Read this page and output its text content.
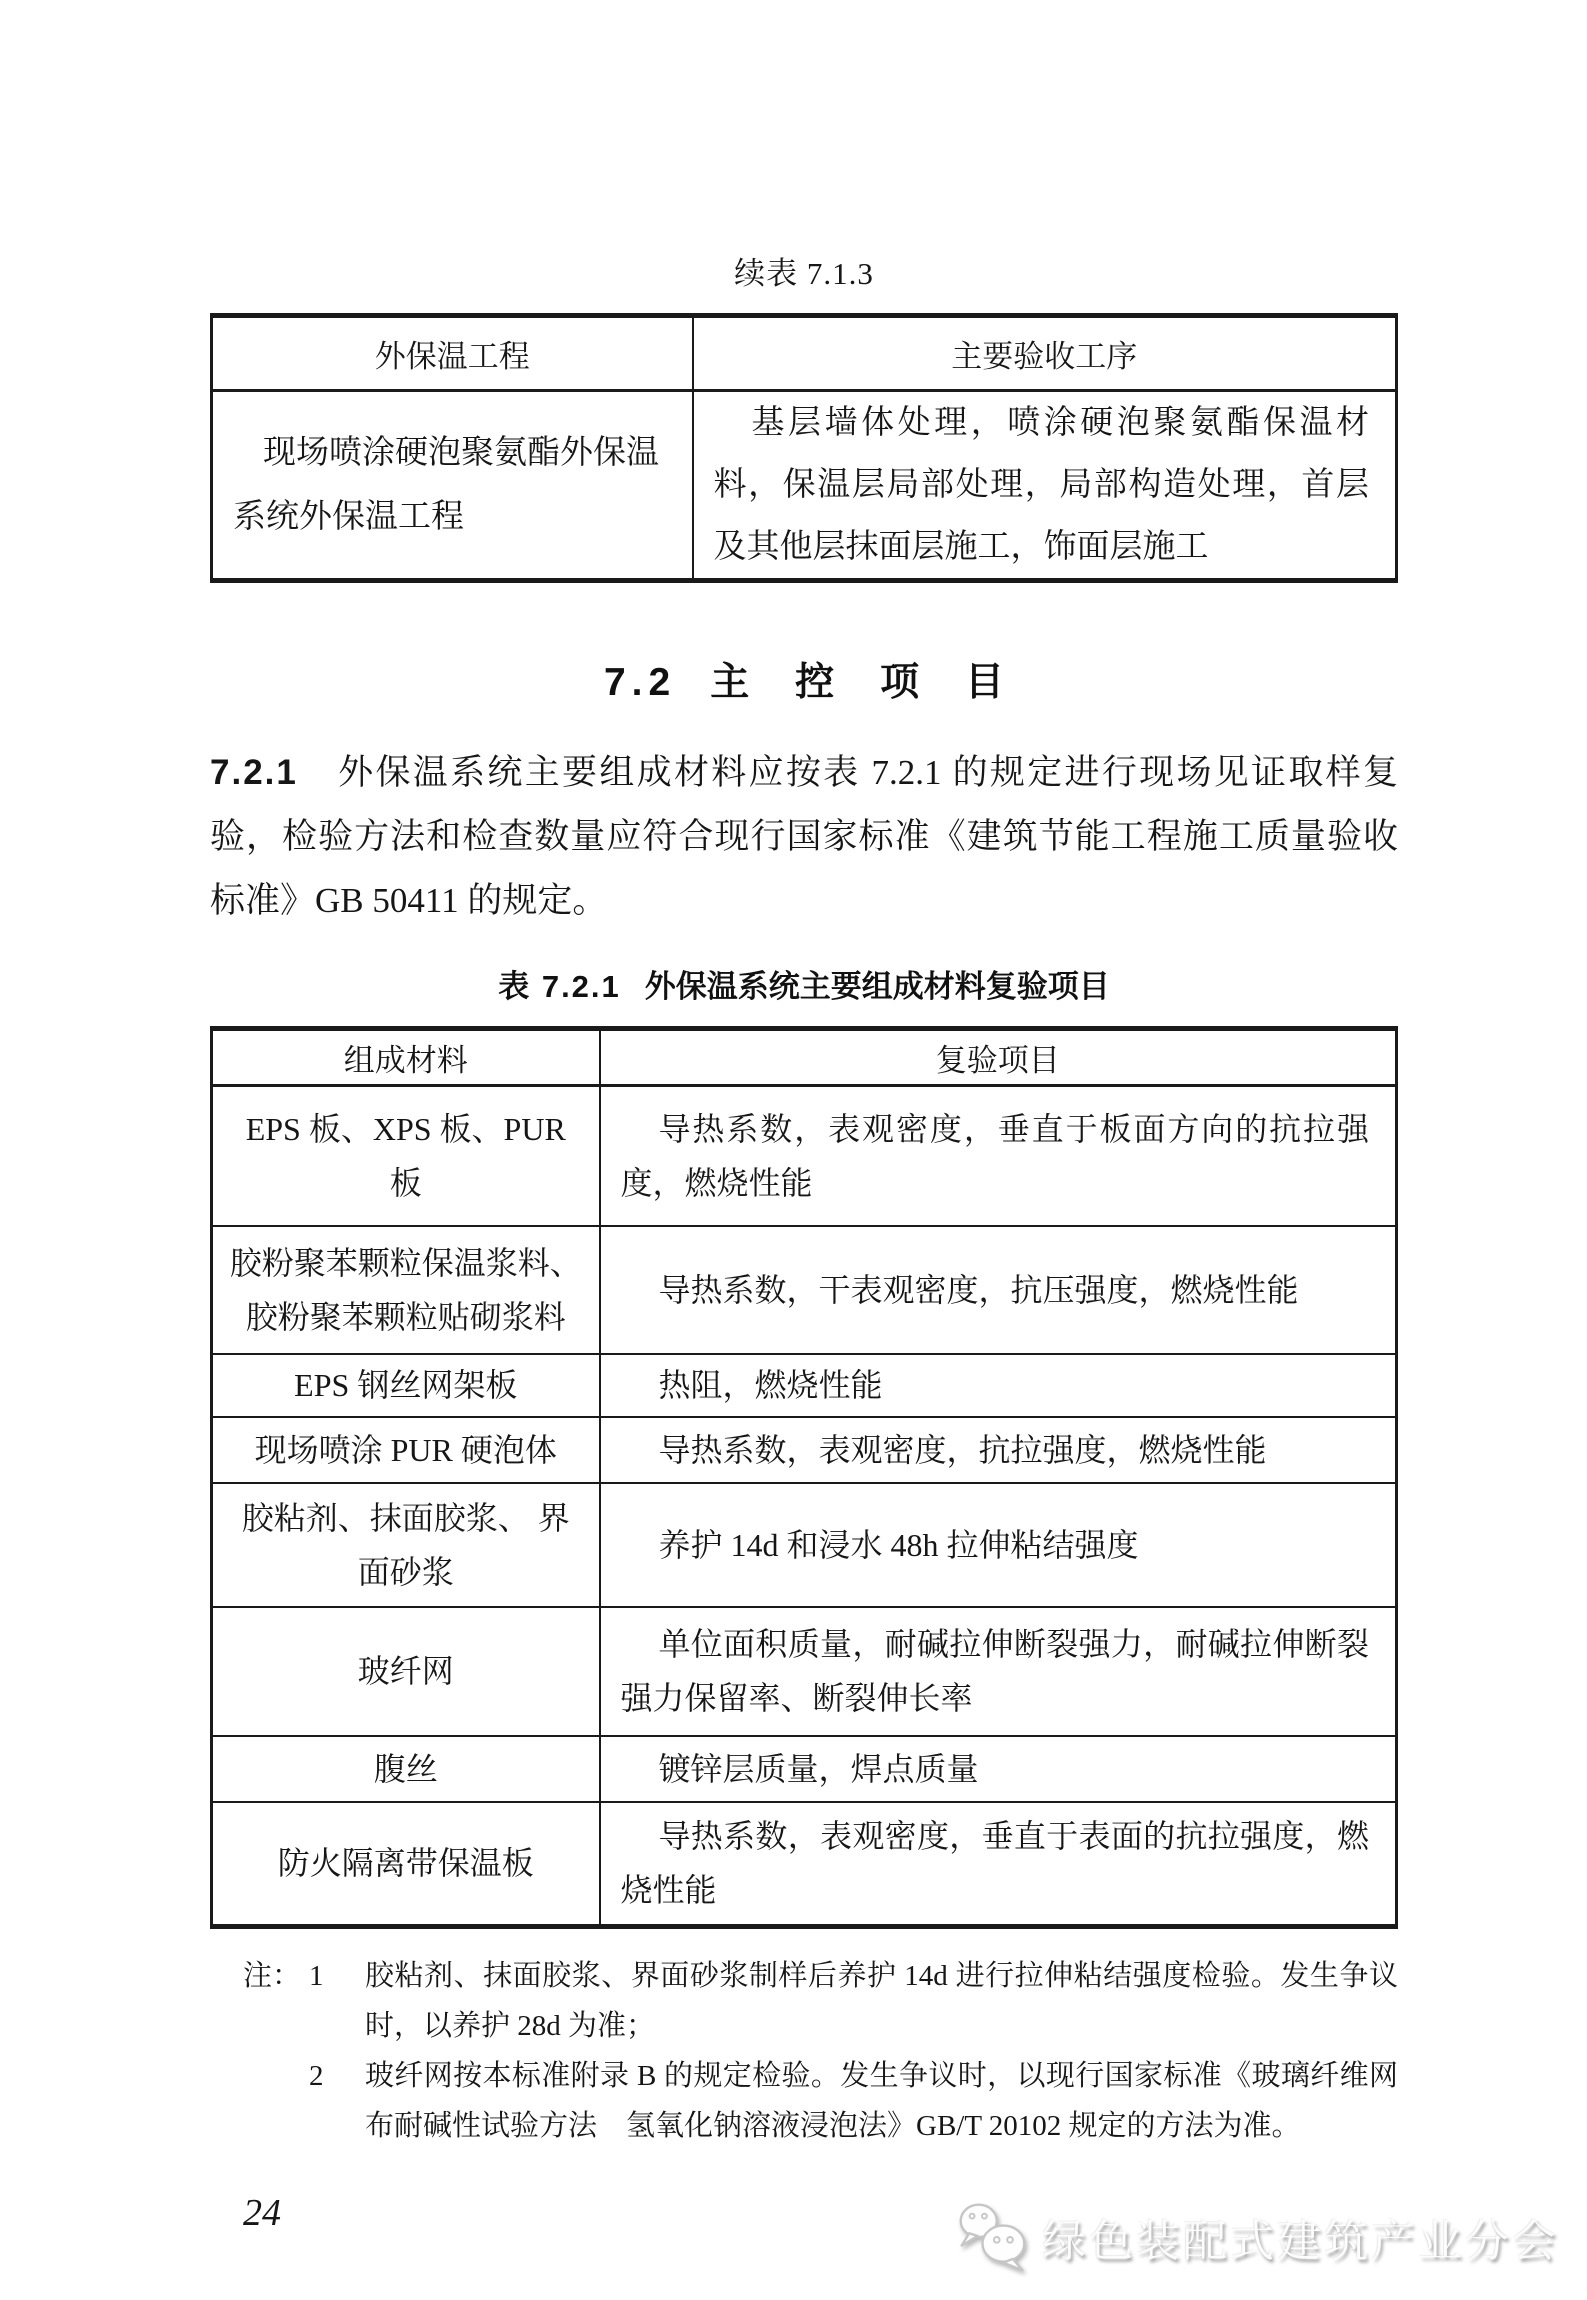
续表 7.1.3
外保温工程	主要验收工序

现场喷涂硬泡聚氨酯外保温系统外保温工程	基层墙体处理，喷涂硬泡聚氨酯保温材料，保温层局部处理，局部构造处理，首层及其他层抹面层施工，饰面层施工

7.2 主 控 项 目

7.2.1 外保温系统主要组成材料应按表 7.2.1 的规定进行现场见证取样复验，检验方法和检查数量应符合现行国家标准《建筑节能工程施工质量验收标准》GB 50411 的规定。

表 7.2.1 外保温系统主要组成材料复验项目
组成材料	复验项目

EPS 板、XPS 板、PUR 板	导热系数，表观密度，垂直于板面方向的抗拉强度，燃烧性能

胶粉聚苯颗粒保温浆料、 胶粉聚苯颗粒贴砌浆料	导热系数，干表观密度，抗压强度，燃烧性能

EPS 钢丝网架板	热阻，燃烧性能

现场喷涂 PUR 硬泡体	导热系数，表观密度，抗拉强度，燃烧性能

胶粘剂、抹面胶浆、 界面砂浆	养护 14d 和浸水 48h 拉伸粘结强度

玻纤网	单位面积质量，耐碱拉伸断裂强力，耐碱拉伸断裂强力保留率、断裂伸长率

腹丝	镀锌层质量，焊点质量

防火隔离带保温板	导热系数，表观密度，垂直于表面的抗拉强度，燃烧性能

注： 1	胶粘剂、抹面胶浆、界面砂浆制样后养护 14d 进行拉伸粘结强度检验。发生争议时，以养护 28d 为准；

2	玻纤网按本标准附录 B 的规定检验。发生争议时，以现行国家标准《玻璃纤维网布耐碱性试验方法　氢氧化钠溶液浸泡法》GB/T 20102 规定的方法为准。

24
绿色装配式建筑产业分会
